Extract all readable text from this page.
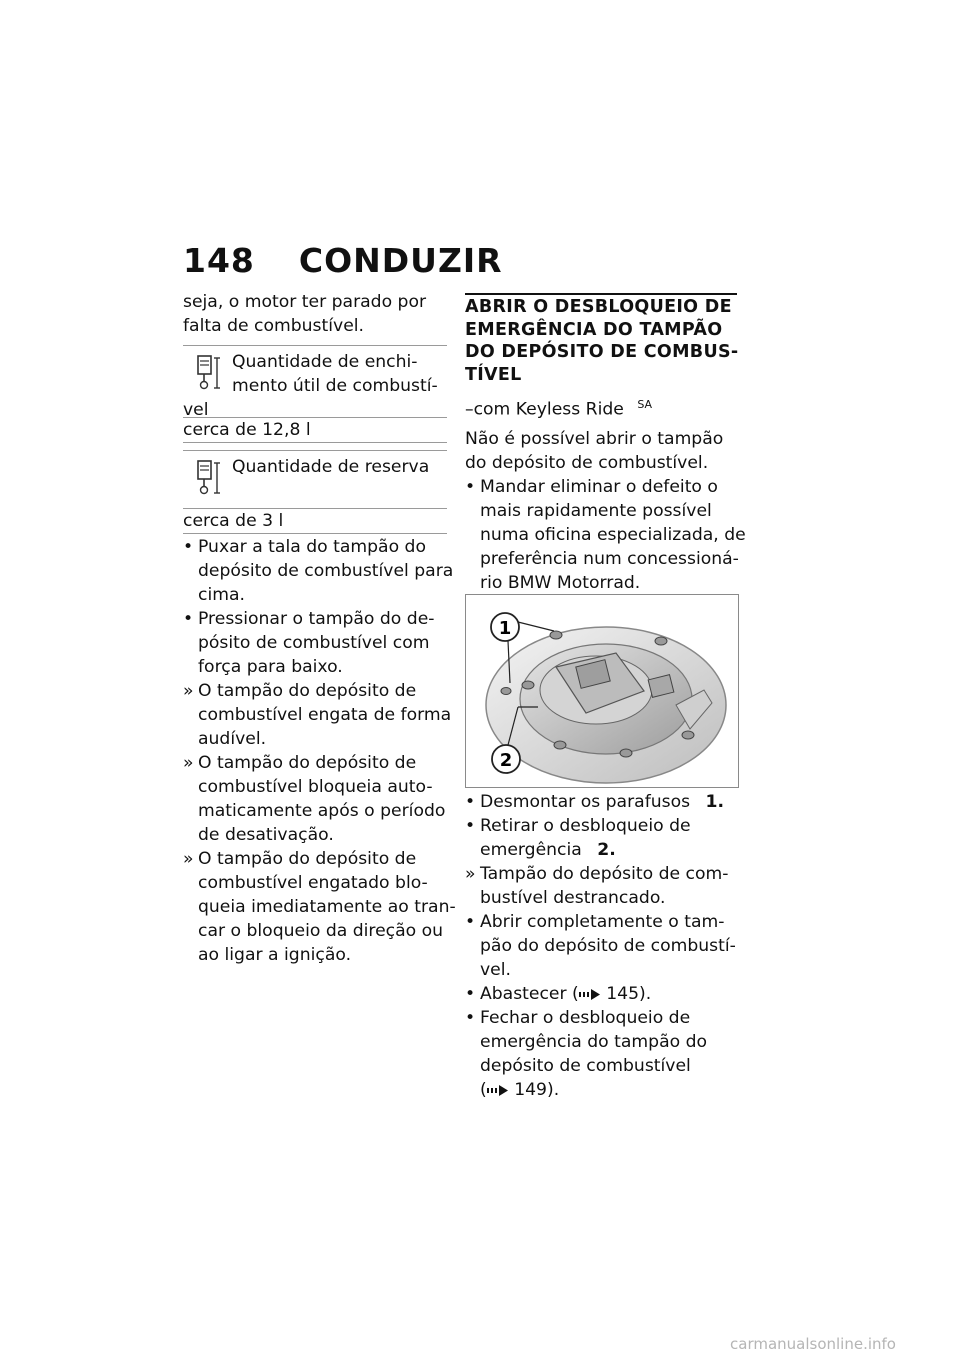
148 CONDUZIR
seja, o motor ter parado por
falta de combustível.
Quantidade de enchi-
mento útil de combustí-
vel
cerca de 12,8 l
Quantidade de reserva
cerca de 3 l
• Puxar a tala do tampão do
depósito de combustível para
cima.
• Pressionar o tampão do de-
pósito de combustível com
força para baixo.
» O tampão do depósito de
combustível engata de forma
audível.
» O tampão do depósito de
combustível bloqueia auto-
maticamente após o período
de desativação.
» O tampão do depósito de
combustível engatado blo-
queia imediatamente ao tran-
car o bloqueio da direção ou
ao ligar a ignição.
ABRIR O DESBLOQUEIO DE
EMERGÊNCIA DO TAMPÃO
DO DEPÓSITO DE COMBUS-
TÍVEL
–com Keyless Ride $^{SA}$
Não é possível abrir o tampão
do depósito de combustível.
• Mandar eliminar o defeito o
mais rapidamente possível
numa oficina especializada, de
preferência num concessioná-
rio BMW Motorrad.
1
2
• Desmontar os parafusos 1.
• Retirar o desbloqueio de
emergência 2.
» Tampão do depósito de com-
bustível destrancado.
• Abrir completamente o tam-
pão do depósito de combustí-
vel.
• Abastecer ( 145).
• Fechar o desbloqueio de
emergência do tampão do
depósito de combustível
( 149).
carmanualsonline.info
